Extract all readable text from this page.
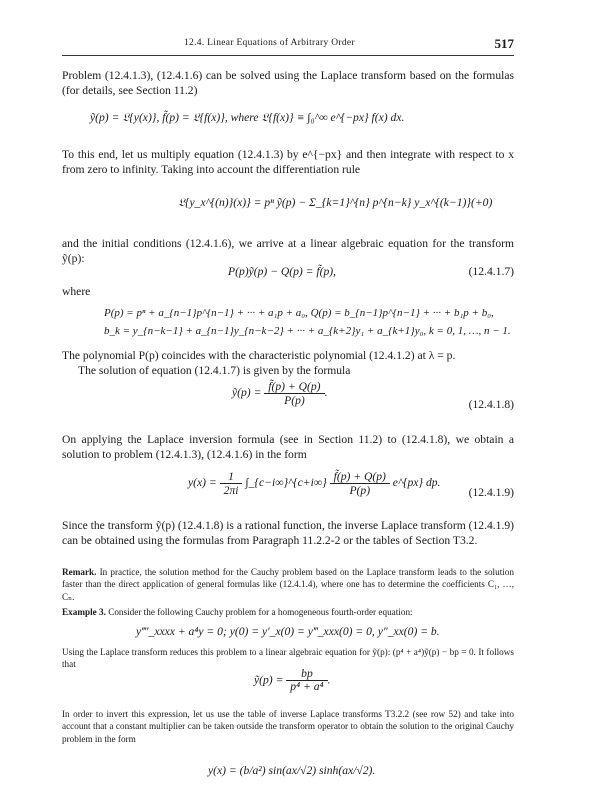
12.4. Linear Equations of Arbitrary Order	517
Problem (12.4.1.3), (12.4.1.6) can be solved using the Laplace transform based on the formulas (for details, see Section 11.2)
ỹ(p) = 𝔏{y(x)}, f̃(p) = 𝔏{f(x)}, where 𝔏{f(x)} ≡ ∫₀^∞ e^{−px} f(x) dx.
To this end, let us multiply equation (12.4.1.3) by e^{−px} and then integrate with respect to x from zero to infinity. Taking into account the differentiation rule
𝔏{y_x^{(n)}(x)} = pⁿ ỹ(p) − Σ_{k=1}^{n} p^{n−k} y_x^{(k−1)}(+0)
and the initial conditions (12.4.1.6), we arrive at a linear algebraic equation for the transform ỹ(p):
P(p)ỹ(p) − Q(p) = f̃(p),	(12.4.1.7)
where
P(p) = pⁿ + a_{n−1}p^{n−1} + ··· + a₁p + a₀, Q(p) = b_{n−1}p^{n−1} + ··· + b₁p + b₀,
b_k = y_{n−k−1} + a_{n−1}y_{n−k−2} + ··· + a_{k+2}y₁ + a_{k+1}y₀, k = 0, 1, …, n − 1.
The polynomial P(p) coincides with the characteristic polynomial (12.4.1.2) at λ = p.
The solution of equation (12.4.1.7) is given by the formula
ỹ(p) = $\frac{f̃(p) + Q(p)}{P(p)}$ .
(12.4.1.8)
On applying the Laplace inversion formula (see in Section 11.2) to (12.4.1.8), we obtain a solution to problem (12.4.1.3), (12.4.1.6) in the form
$y(x) = \frac{1}{2\pi i}$ ∫_{c−i∞}^{c+i∞} $\frac{f̃(p) + Q(p)}{P(p)}$ e^{px} dp.
(12.4.1.9)
Since the transform ỹ(p) (12.4.1.8) is a rational function, the inverse Laplace transform (12.4.1.9) can be obtained using the formulas from Paragraph 11.2.2-2 or the tables of Section T3.2.
Remark. In practice, the solution method for the Cauchy problem based on the Laplace transform leads to the solution faster than the direct application of general formulas like (12.4.1.4), where one has to determine the coefficients C₁, …, Cₙ.
Example 3. Consider the following Cauchy problem for a homogeneous fourth-order equation:
y‴′_xxxx + a⁴y = 0; y(0) = y′_x(0) = y‴_xxx(0) = 0, y″_xx(0) = b.
Using the Laplace transform reduces this problem to a linear algebraic equation for ỹ(p): (p⁴ + a⁴)ỹ(p) − bp = 0. It follows that
ỹ(p) = $\frac{bp}{\text{p⁴ + a⁴}}$ .
In order to invert this expression, let us use the table of inverse Laplace transforms T3.2.2 (see row 52) and take into account that a constant multiplier can be taken outside the transform operator to obtain the solution to the original Cauchy problem in the form
y(x) = (b/a²) sin(ax/√2) sinh(ax/√2).
